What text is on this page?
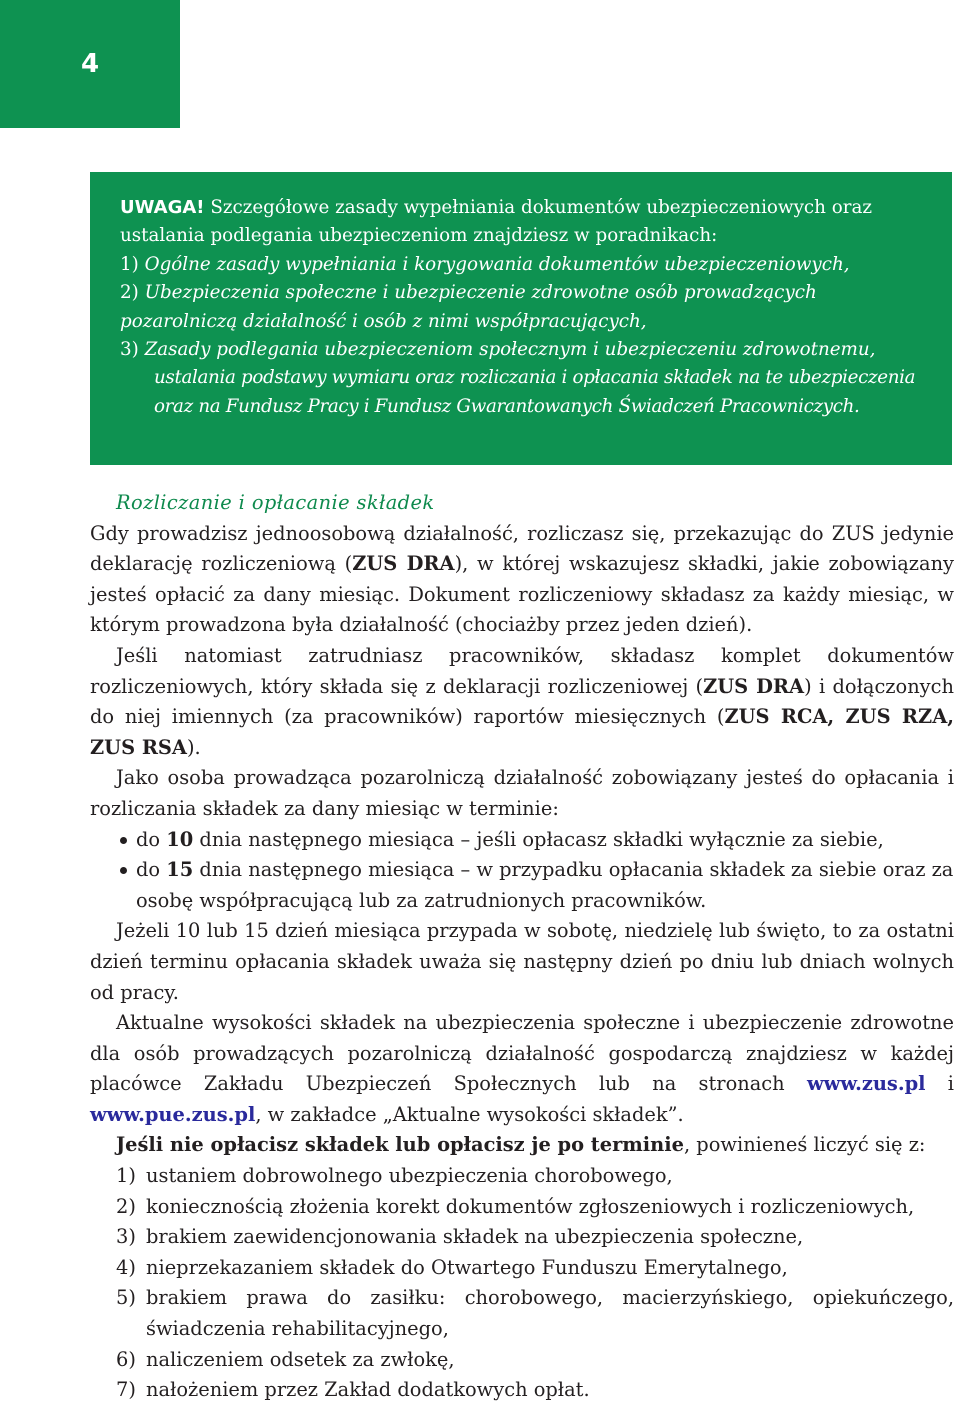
4

UWAGA! Szczegółowe zasady wypełniania dokumentów ubezpieczeniowych oraz ustalania podlegania ubezpieczeniom znajdziesz w poradnikach:

1) Ogólne zasady wypełniania i korygowania dokumentów ubezpieczeniowych,

2) Ubezpieczenia społeczne i ubezpieczenie zdrowotne osób prowadzących pozarolniczą działalność i osób z nimi współpracujących,

3) Zasady podlegania ubezpieczeniom społecznym i ubezpieczeniu zdrowotnemu,

ustalania podstawy wymiaru oraz rozliczania i opłacania składek na te ubezpieczenia oraz na Fundusz Pracy i Fundusz Gwarantowanych Świadczeń Pracowniczych.

Rozliczanie i opłacanie składek

Gdy prowadzisz jednoosobową działalność, rozliczasz się, przekazując do ZUS jedynie deklarację rozliczeniową (ZUS DRA), w której wskazujesz składki, jakie zobowiązany jesteś opłacić za dany miesiąc. Dokument rozliczeniowy składasz za każdy miesiąc, w którym prowadzona była działalność (chociażby przez jeden dzień).

Jeśli natomiast zatrudniasz pracowników, składasz komplet dokumentów rozliczeniowych, który składa się z deklaracji rozliczeniowej (ZUS DRA) i dołączonych do niej imiennych (za pracowników) raportów miesięcznych (ZUS RCA, ZUS RZA, ZUS RSA).

Jako osoba prowadząca pozarolniczą działalność zobowiązany jesteś do opłacania i rozliczania składek za dany miesiąc w terminie:

do 10 dnia następnego miesiąca – jeśli opłacasz składki wyłącznie za siebie,
do 15 dnia następnego miesiąca – w przypadku opłacania składek za siebie oraz za osobę współpracującą lub za zatrudnionych pracowników.

Jeżeli 10 lub 15 dzień miesiąca przypada w sobotę, niedzielę lub święto, to za ostatni dzień terminu opłacania składek uważa się następny dzień po dniu lub dniach wolnych od pracy.

Aktualne wysokości składek na ubezpieczenia społeczne i ubezpieczenie zdrowotne dla osób prowadzących pozarolniczą działalność gospodarczą znajdziesz w każdej placówce Zakładu Ubezpieczeń Społecznych lub na stronach www.zus.pl i www.pue.zus.pl, w zakładce „Aktualne wysokości składek”.

Jeśli nie opłacisz składek lub opłacisz je po terminie, powinieneś liczyć się z:

1) ustaniem dobrowolnego ubezpieczenia chorobowego,
2) koniecznością złożenia korekt dokumentów zgłoszeniowych i rozliczeniowych,
3) brakiem zaewidencjonowania składek na ubezpieczenia społeczne,
4) nieprzekazaniem składek do Otwartego Funduszu Emerytalnego,
5) brakiem prawa do zasiłku: chorobowego, macierzyńskiego, opiekuńczego, świadczenia rehabilitacyjnego,
6) naliczeniem odsetek za zwłokę,
7) nałożeniem przez Zakład dodatkowych opłat.
